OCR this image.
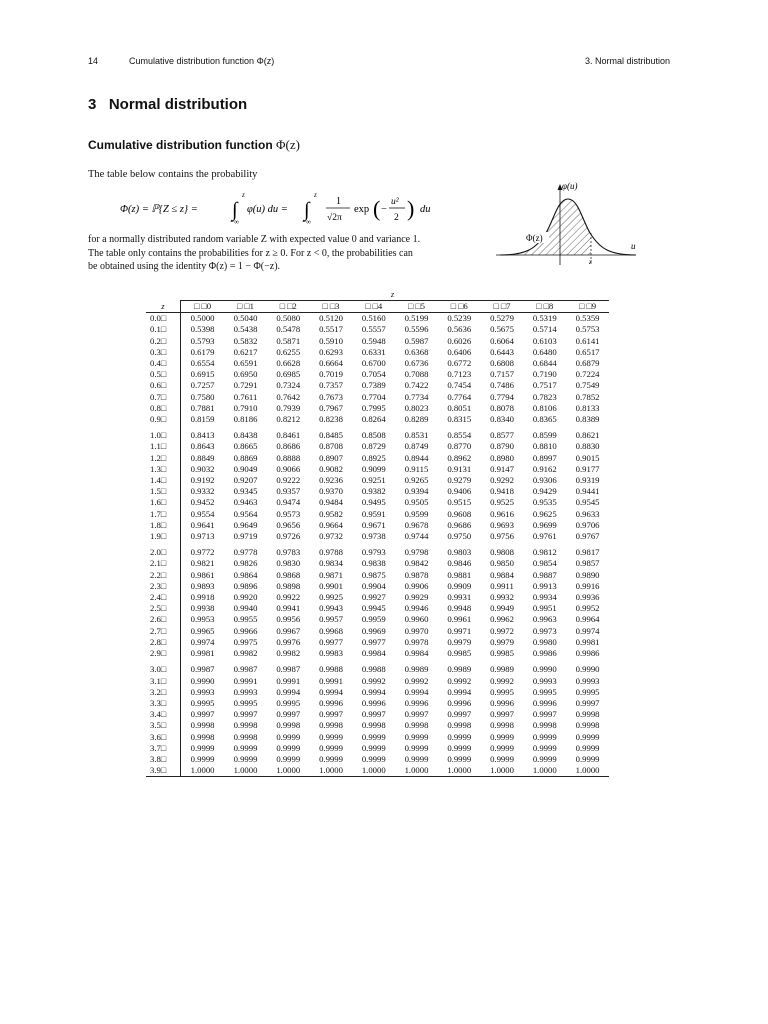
14	Cumulative distribution function Φ(z)	3. Normal distribution
3   Normal distribution
Cumulative distribution function Φ(z)
The table below contains the probability
Φ(z) = ℙ{Z ≤ z} = ∫
z
−∞
φ(u) du = ∫
z
−∞
1
√2π
exp ( −
u²
2 ) du

for a normally distributed random variable Z with expected value 0 and variance 1.

The table only contains the probabilities for z ≥ 0. For z < 0, the probabilities can

be obtained using the identity Φ(z) = 1 − Φ(−z).

φ(u)
Φ(z)
u
z
z
z	□ □0	□ □1	□ □2	□ □3	□ □4	□ □5	□ □6	□ □7	□ □8	□ □9
0.0□	0.5000	0.5040	0.5080	0.5120	0.5160	0.5199	0.5239	0.5279	0.5319	0.5359
0.1□	0.5398	0.5438	0.5478	0.5517	0.5557	0.5596	0.5636	0.5675	0.5714	0.5753
0.2□	0.5793	0.5832	0.5871	0.5910	0.5948	0.5987	0.6026	0.6064	0.6103	0.6141
0.3□	0.6179	0.6217	0.6255	0.6293	0.6331	0.6368	0.6406	0.6443	0.6480	0.6517
0.4□	0.6554	0.6591	0.6628	0.6664	0.6700	0.6736	0.6772	0.6808	0.6844	0.6879
0.5□	0.6915	0.6950	0.6985	0.7019	0.7054	0.7088	0.7123	0.7157	0.7190	0.7224
0.6□	0.7257	0.7291	0.7324	0.7357	0.7389	0.7422	0.7454	0.7486	0.7517	0.7549
0.7□	0.7580	0.7611	0.7642	0.7673	0.7704	0.7734	0.7764	0.7794	0.7823	0.7852
0.8□	0.7881	0.7910	0.7939	0.7967	0.7995	0.8023	0.8051	0.8078	0.8106	0.8133
0.9□	0.8159	0.8186	0.8212	0.8238	0.8264	0.8289	0.8315	0.8340	0.8365	0.8389
1.0□	0.8413	0.8438	0.8461	0.8485	0.8508	0.8531	0.8554	0.8577	0.8599	0.8621
1.1□	0.8643	0.8665	0.8686	0.8708	0.8729	0.8749	0.8770	0.8790	0.8810	0.8830
1.2□	0.8849	0.8869	0.8888	0.8907	0.8925	0.8944	0.8962	0.8980	0.8997	0.9015
1.3□	0.9032	0.9049	0.9066	0.9082	0.9099	0.9115	0.9131	0.9147	0.9162	0.9177
1.4□	0.9192	0.9207	0.9222	0.9236	0.9251	0.9265	0.9279	0.9292	0.9306	0.9319
1.5□	0.9332	0.9345	0.9357	0.9370	0.9382	0.9394	0.9406	0.9418	0.9429	0.9441
1.6□	0.9452	0.9463	0.9474	0.9484	0.9495	0.9505	0.9515	0.9525	0.9535	0.9545
1.7□	0.9554	0.9564	0.9573	0.9582	0.9591	0.9599	0.9608	0.9616	0.9625	0.9633
1.8□	0.9641	0.9649	0.9656	0.9664	0.9671	0.9678	0.9686	0.9693	0.9699	0.9706
1.9□	0.9713	0.9719	0.9726	0.9732	0.9738	0.9744	0.9750	0.9756	0.9761	0.9767
2.0□	0.9772	0.9778	0.9783	0.9788	0.9793	0.9798	0.9803	0.9808	0.9812	0.9817
2.1□	0.9821	0.9826	0.9830	0.9834	0.9838	0.9842	0.9846	0.9850	0.9854	0.9857
2.2□	0.9861	0.9864	0.9868	0.9871	0.9875	0.9878	0.9881	0.9884	0.9887	0.9890
2.3□	0.9893	0.9896	0.9898	0.9901	0.9904	0.9906	0.9909	0.9911	0.9913	0.9916
2.4□	0.9918	0.9920	0.9922	0.9925	0.9927	0.9929	0.9931	0.9932	0.9934	0.9936
2.5□	0.9938	0.9940	0.9941	0.9943	0.9945	0.9946	0.9948	0.9949	0.9951	0.9952
2.6□	0.9953	0.9955	0.9956	0.9957	0.9959	0.9960	0.9961	0.9962	0.9963	0.9964
2.7□	0.9965	0.9966	0.9967	0.9968	0.9969	0.9970	0.9971	0.9972	0.9973	0.9974
2.8□	0.9974	0.9975	0.9976	0.9977	0.9977	0.9978	0.9979	0.9979	0.9980	0.9981
2.9□	0.9981	0.9982	0.9982	0.9983	0.9984	0.9984	0.9985	0.9985	0.9986	0.9986
3.0□	0.9987	0.9987	0.9987	0.9988	0.9988	0.9989	0.9989	0.9989	0.9990	0.9990
3.1□	0.9990	0.9991	0.9991	0.9991	0.9992	0.9992	0.9992	0.9992	0.9993	0.9993
3.2□	0.9993	0.9993	0.9994	0.9994	0.9994	0.9994	0.9994	0.9995	0.9995	0.9995
3.3□	0.9995	0.9995	0.9995	0.9996	0.9996	0.9996	0.9996	0.9996	0.9996	0.9997
3.4□	0.9997	0.9997	0.9997	0.9997	0.9997	0.9997	0.9997	0.9997	0.9997	0.9998
3.5□	0.9998	0.9998	0.9998	0.9998	0.9998	0.9998	0.9998	0.9998	0.9998	0.9998
3.6□	0.9998	0.9998	0.9999	0.9999	0.9999	0.9999	0.9999	0.9999	0.9999	0.9999
3.7□	0.9999	0.9999	0.9999	0.9999	0.9999	0.9999	0.9999	0.9999	0.9999	0.9999
3.8□	0.9999	0.9999	0.9999	0.9999	0.9999	0.9999	0.9999	0.9999	0.9999	0.9999
3.9□	1.0000	1.0000	1.0000	1.0000	1.0000	1.0000	1.0000	1.0000	1.0000	1.0000
